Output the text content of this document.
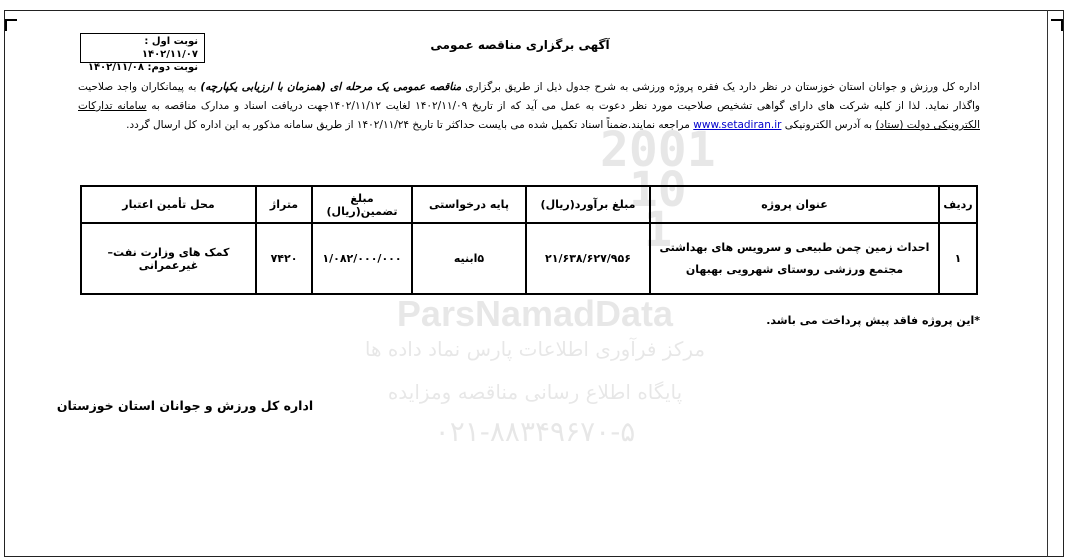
2001
10
1
ParsNamadData
مرکز فرآوری اطلاعات پارس نماد داده ها
پایگاه اطلاع رسانی مناقصه ومزایده
۰۲۱-۸۸۳۴۹۶۷۰-۵
نوبت اول : ۱۴۰۲/۱۱/۰۷
نوبت دوم: ۱۴۰۲/۱۱/۰۸
آگهی برگزاری مناقصه عمومی
اداره کل ورزش و جوانان استان خوزستان در نظر دارد یک فقره پروژه ورزشی به شرح جدول ذیل از طریق برگزاری مناقصه عمومی یک مرحله ای (همزمان با ارزیابی یکپارچه) به پیمانکاران واجد صلاحیت واگذار نماید. لذا از کلیه شرکت های دارای گواهی تشخیص صلاحیت مورد نظر دعوت به عمل می آید که از تاریخ ۱۴۰۲/۱۱/۰۹ لغایت ۱۴۰۲/۱۱/۱۲جهت دریافت اسناد و مدارک مناقصه به سامانه تدارکات الکترونیکی دولت (ستاد) به آدرس الکترونیکی www.setadiran.ir مراجعه نمایند.ضمناً اسناد تکمیل شده می بایست حداکثر تا تاریخ ۱۴۰۲/۱۱/۲۴ از طریق سامانه مذکور به این اداره کل ارسال گردد.
ردیف	عنوان پروژه	مبلغ برآورد(ریال)	پایه درخواستی	مبلغ تضمین(ریال)	متراژ	محل تأمین اعتبار
۱	احداث زمین چمن طبیعی و سرویس های بهداشتی مجتمع ورزشی روستای شهرویی بهبهان	۲۱/۶۳۸/۶۲۷/۹۵۶	۵ابنیه	۱/۰۸۲/۰۰۰/۰۰۰	۷۴۲۰	کمک های وزارت نفت–غیرعمرانی
*این پروژه فاقد پیش پرداخت می باشد.
اداره کل ورزش و جوانان استان خوزستان
